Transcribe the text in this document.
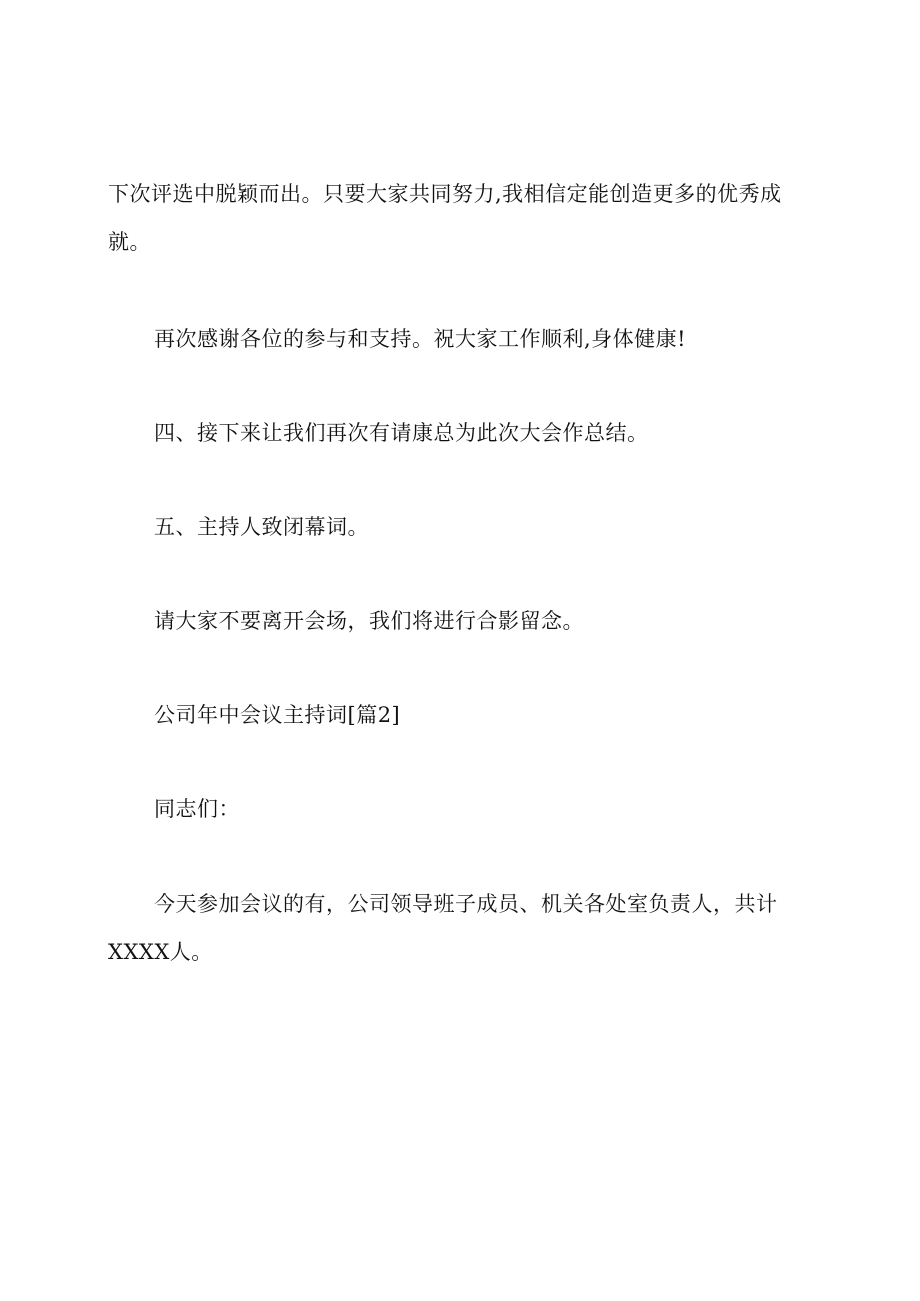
下次评选中脱颖而出。只要大家共同努力,我相信定能创造更多的优秀成
就。

再次感谢各位的参与和支持。祝大家工作顺利,身体健康!

四、接下来让我们再次有请康总为此次大会作总结。

五、主持人致闭幕词。

请大家不要离开会场，我们将进行合影留念。

公司年中会议主持词[篇2]

同志们：

今天参加会议的有，公司领导班子成员、机关各处室负责人，共计
XXXX人。
